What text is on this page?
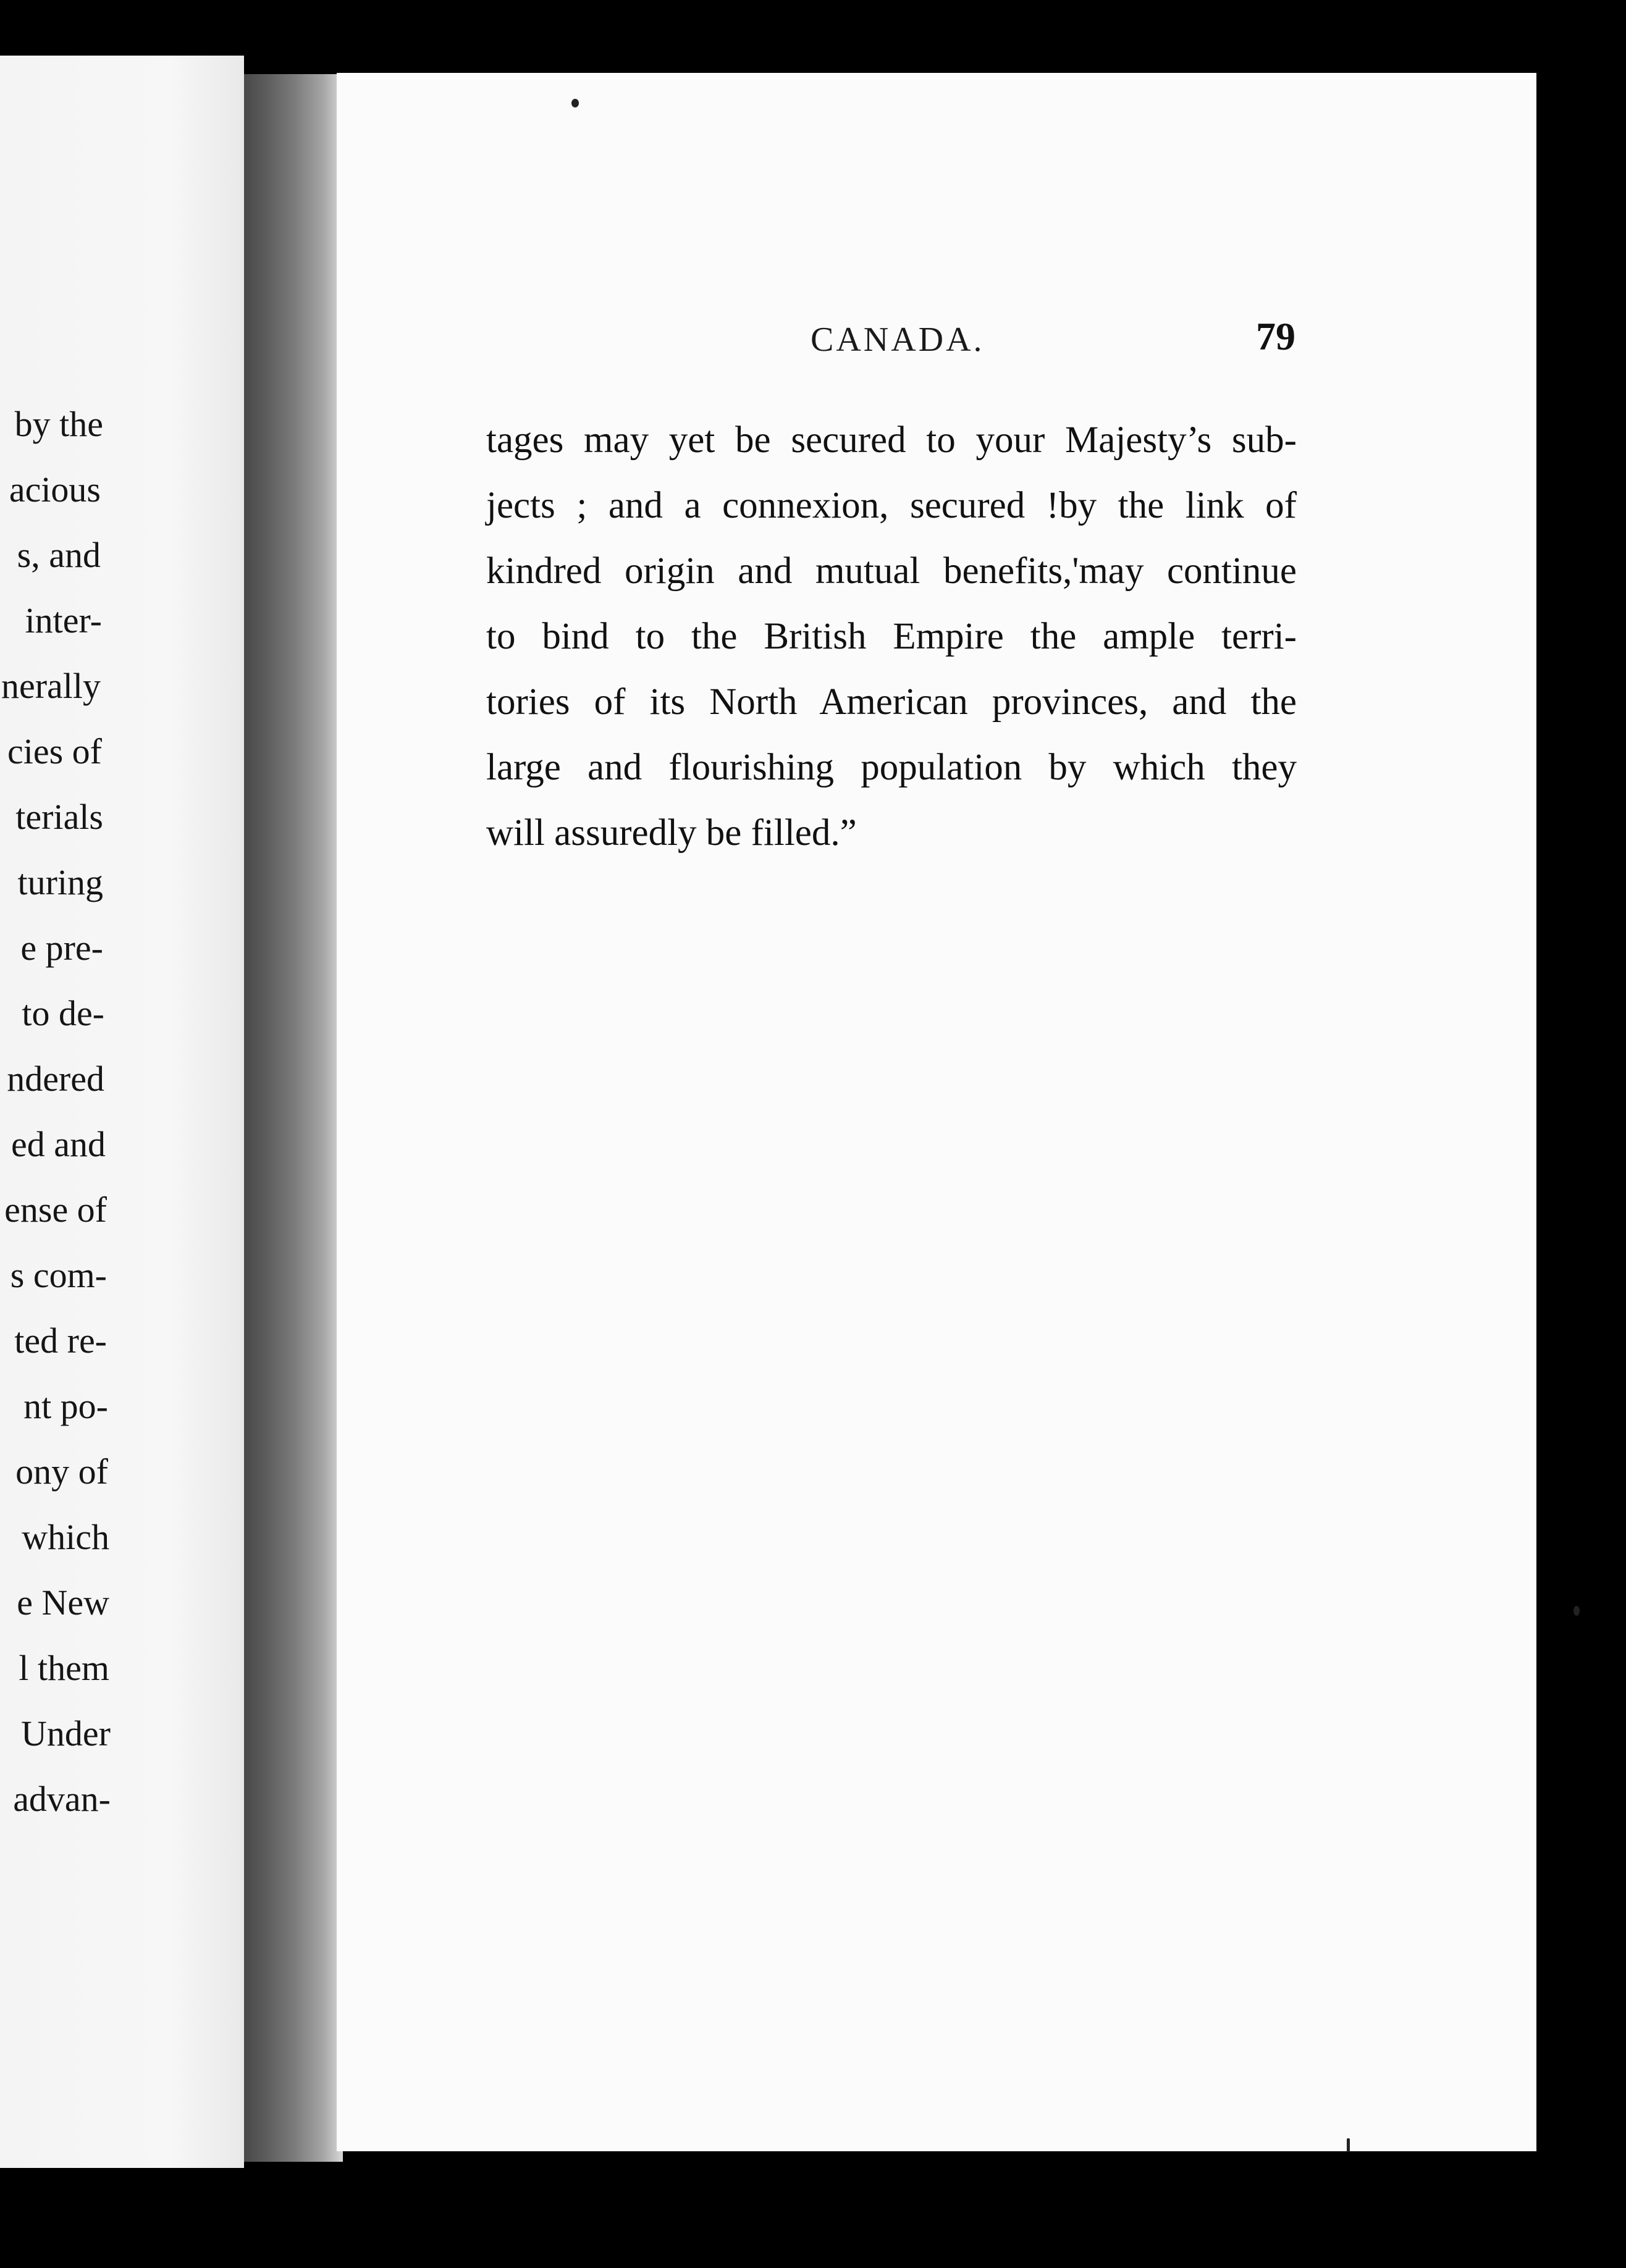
by the
acious
s, and
inter-
nerally
cies of
terials
turing
e pre-
to de-
ndered
ed and
ense of
s com-
ted re-
nt po-
ony of
which
e New
l them
Under
advan-
CANADA.	79
tages may yet be secured to your Majesty’s sub-
jects ; and a connexion, secured !by the link of
kindred origin and mutual benefits,'may continue
to bind to the British Empire the ample terri-
tories of its North American provinces, and the
large and flourishing population by which they
will assuredly be filled.”
